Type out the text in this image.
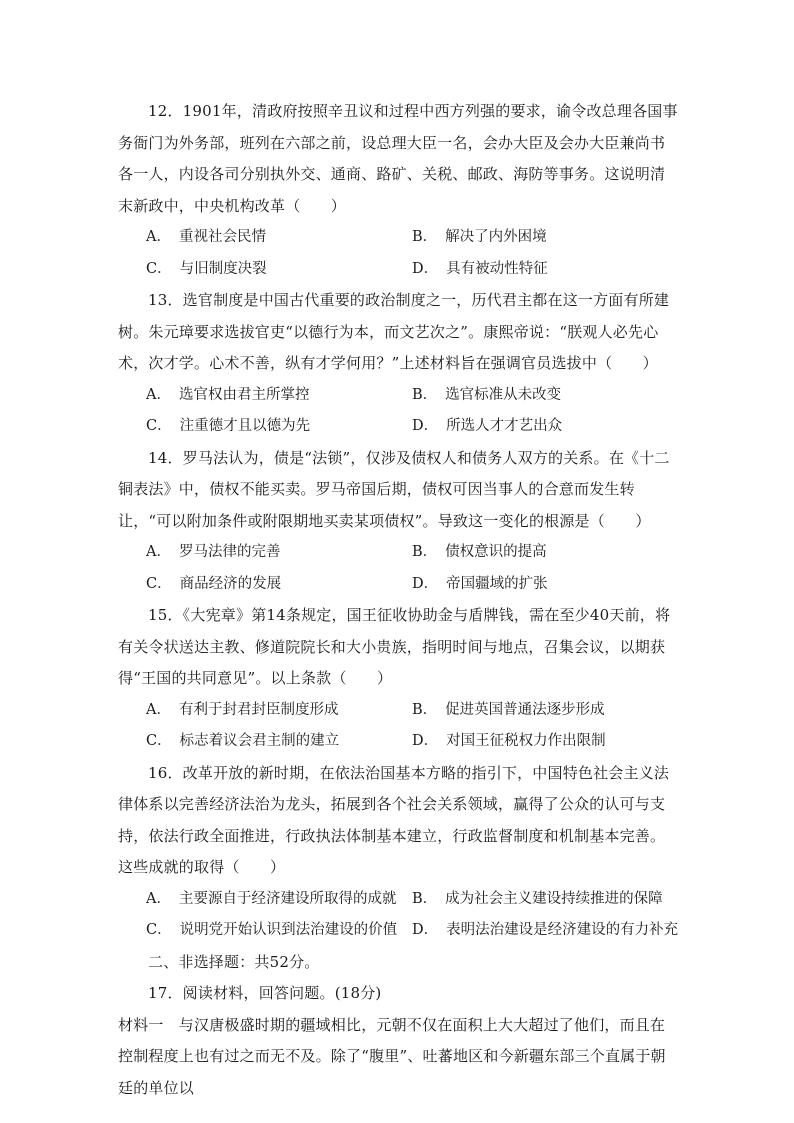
12．1901年，清政府按照辛丑议和过程中西方列强的要求，谕令改总理各国事务衙门为外务部，班列在六部之前，设总理大臣一名，会办大臣及会办大臣兼尚书各一人，内设各司分别执外交、通商、路矿、关税、邮政、海防等事务。这说明清末新政中，中央机构改革（　　）

A． 重视社会民情	B． 解决了内外困境
C． 与旧制度决裂	D． 具有被动性特征

13．选官制度是中国古代重要的政治制度之一，历代君主都在这一方面有所建树。朱元璋要求选拔官吏“以德行为本，而文艺次之”。康熙帝说：“朕观人必先心术，次才学。心术不善，纵有才学何用？”上述材料旨在强调官员选拔中（　　）

A． 选官权由君主所掌控	B． 选官标准从未改变
C． 注重德才且以德为先	D． 所选人才才艺出众

14．罗马法认为，债是“法锁”，仅涉及债权人和债务人双方的关系。在《十二铜表法》中，债权不能买卖。罗马帝国后期，债权可因当事人的合意而发生转让，“可以附加条件或附限期地买卖某项债权”。导致这一变化的根源是（　　）

A． 罗马法律的完善	B． 债权意识的提高
C． 商品经济的发展	D． 帝国疆域的扩张

15．《大宪章》第14条规定，国王征收协助金与盾牌钱，需在至少40天前，将有关令状送达主教、修道院院长和大小贵族，指明时间与地点，召集会议，以期获得“王国的共同意见”。以上条款（　　）

A． 有利于封君封臣制度形成	B． 促进英国普通法逐步形成
C． 标志着议会君主制的建立	D． 对国王征税权力作出限制

16．改革开放的新时期，在依法治国基本方略的指引下，中国特色社会主义法律体系以完善经济法治为龙头，拓展到各个社会关系领域，赢得了公众的认可与支持，依法行政全面推进，行政执法体制基本建立，行政监督制度和机制基本完善。这些成就的取得（　　）

A． 主要源自于经济建设所取得的成就	B． 成为社会主义建设持续推进的保障
C． 说明党开始认识到法治建设的价值	D． 表明法治建设是经济建设的有力补充

二、非选择题：共52分。

17．阅读材料，回答问题。(18分)

材料一　与汉唐极盛时期的疆域相比，元朝不仅在面积上大大超过了他们，而且在控制程度上也有过之而无不及。除了“腹里”、吐蕃地区和今新疆东部三个直属于朝廷的单位以
